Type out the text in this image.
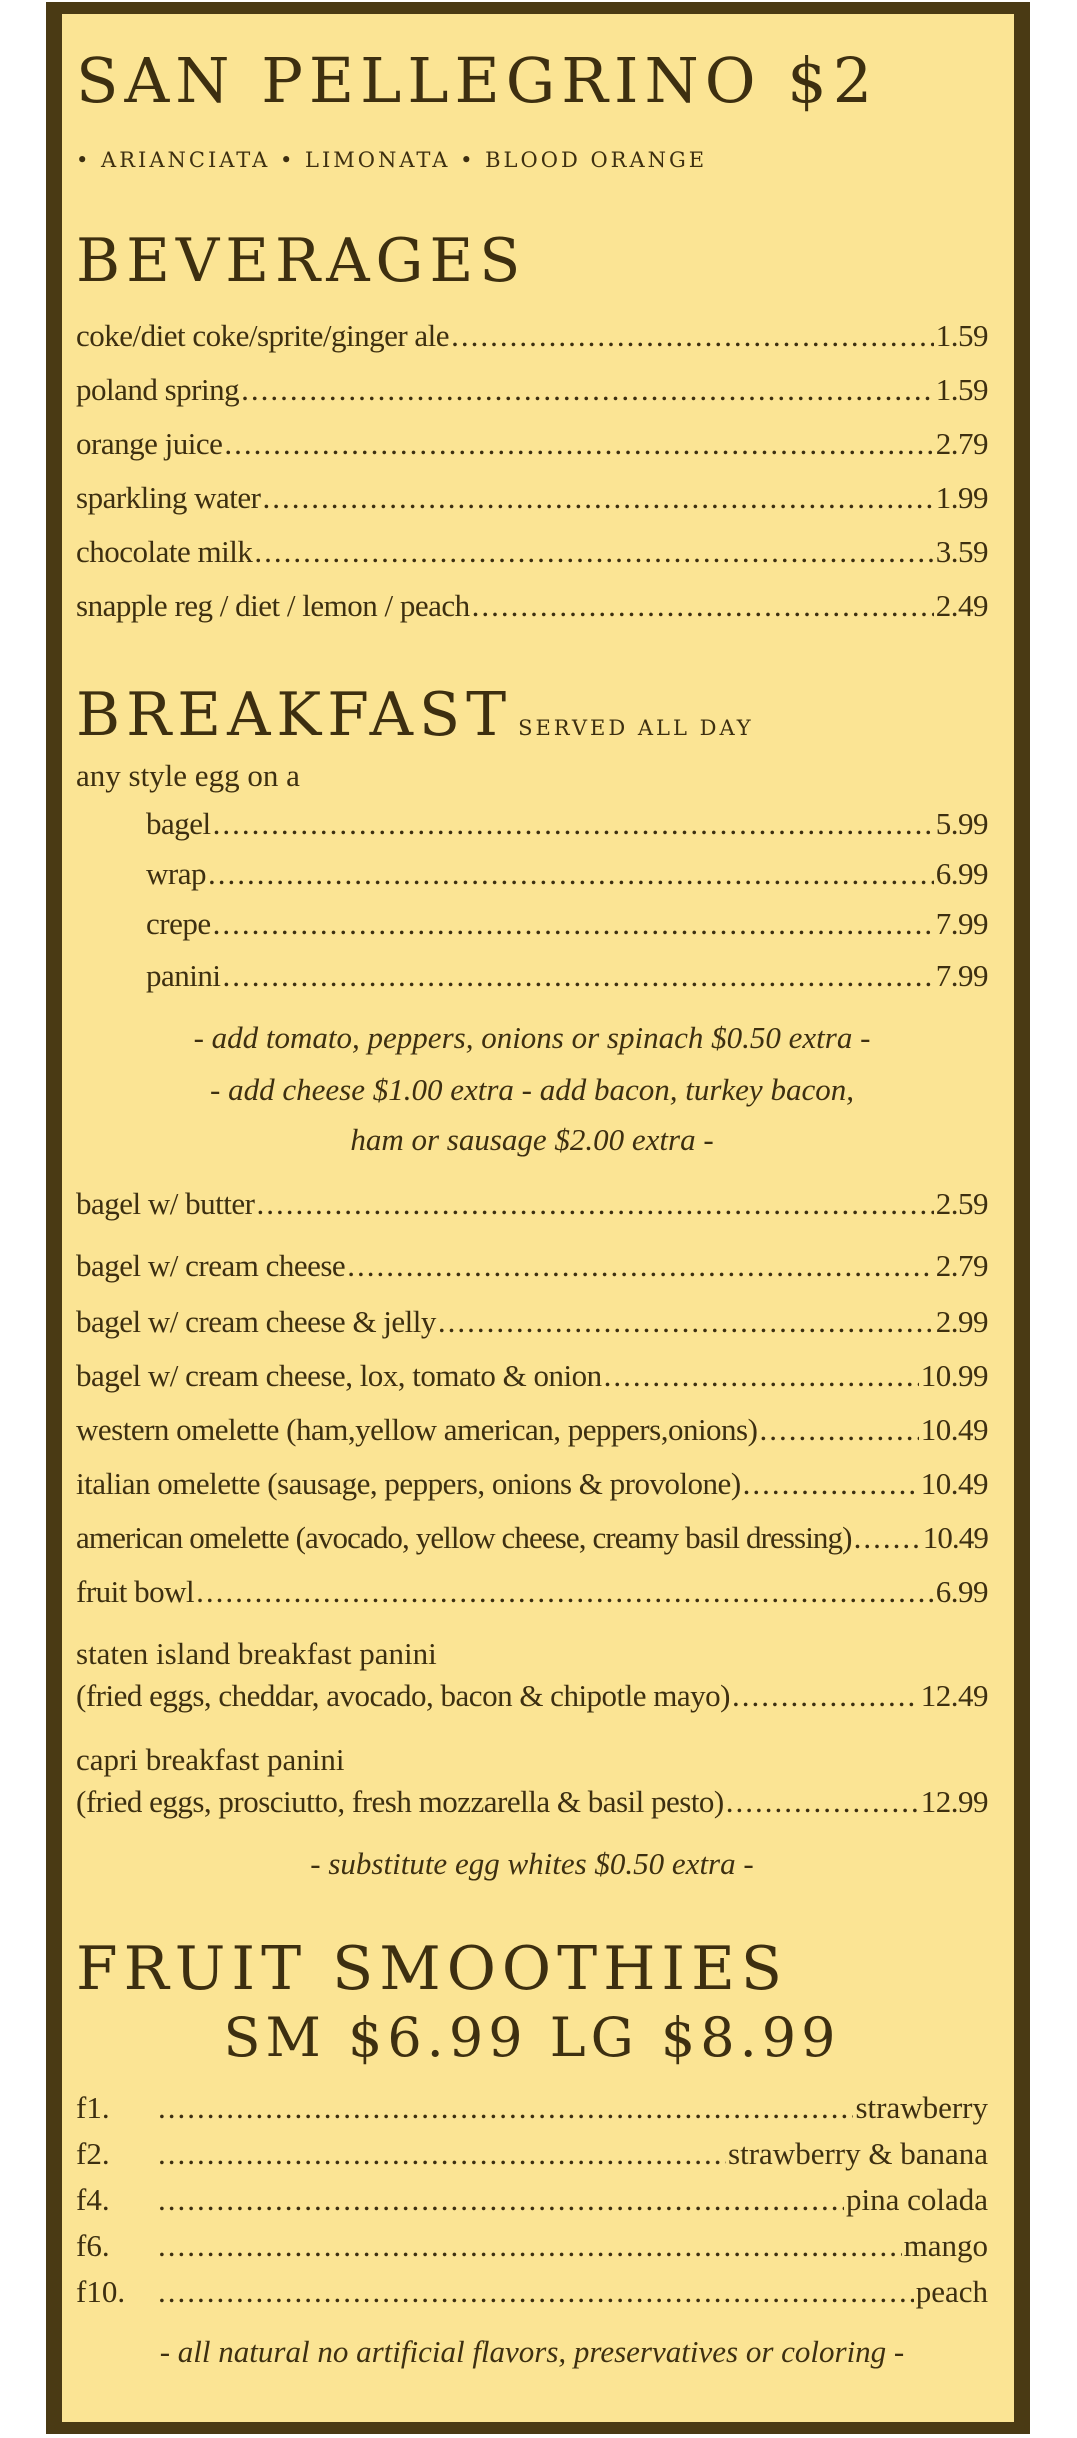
SAN PELLEGRINO $2
• ARIANCIATA • LIMONATA • BLOOD ORANGE
BEVERAGES
coke/diet coke/sprite/ginger ale .....	1.59
poland spring .....	1.59
orange juice .....	2.79
sparkling water .....	1.99
chocolate milk .....	3.59
snapple reg / diet / lemon / peach .....	2.49
BREAKFAST SERVED ALL DAY
any style egg on a
bagel .....	5.99
wrap .....	6.99
crepe .....	7.99
panini .....	7.99
- add tomato, peppers, onions or spinach $0.50 extra -
- add cheese $1.00 extra - add bacon, turkey bacon,
ham or sausage $2.00 extra -
bagel w/ butter .....	2.59
bagel w/ cream cheese .....	2.79
bagel w/ cream cheese & jelly .....	2.99
bagel w/ cream cheese, lox, tomato & onion .....	10.99
western omelette (ham,yellow american, peppers,onions) .....	10.49
italian omelette (sausage, peppers, onions & provolone) .....	10.49
american omelette (avocado, yellow cheese, creamy basil dressing) ..... 10.49
fruit bowl .....	6.99
staten island breakfast panini
(fried eggs, cheddar, avocado, bacon & chipotle mayo) .....	12.49
capri breakfast panini
(fried eggs, prosciutto, fresh mozzarella & basil pesto) .....	12.99
- substitute egg whites $0.50 extra -
FRUIT SMOOTHIES
SM $6.99 LG $8.99
f1. .....	strawberry
f2. .....	strawberry & banana
f4. .....	pina colada
f6. .....	mango
f10. .....	peach
- all natural no artificial flavors, preservatives or coloring -
